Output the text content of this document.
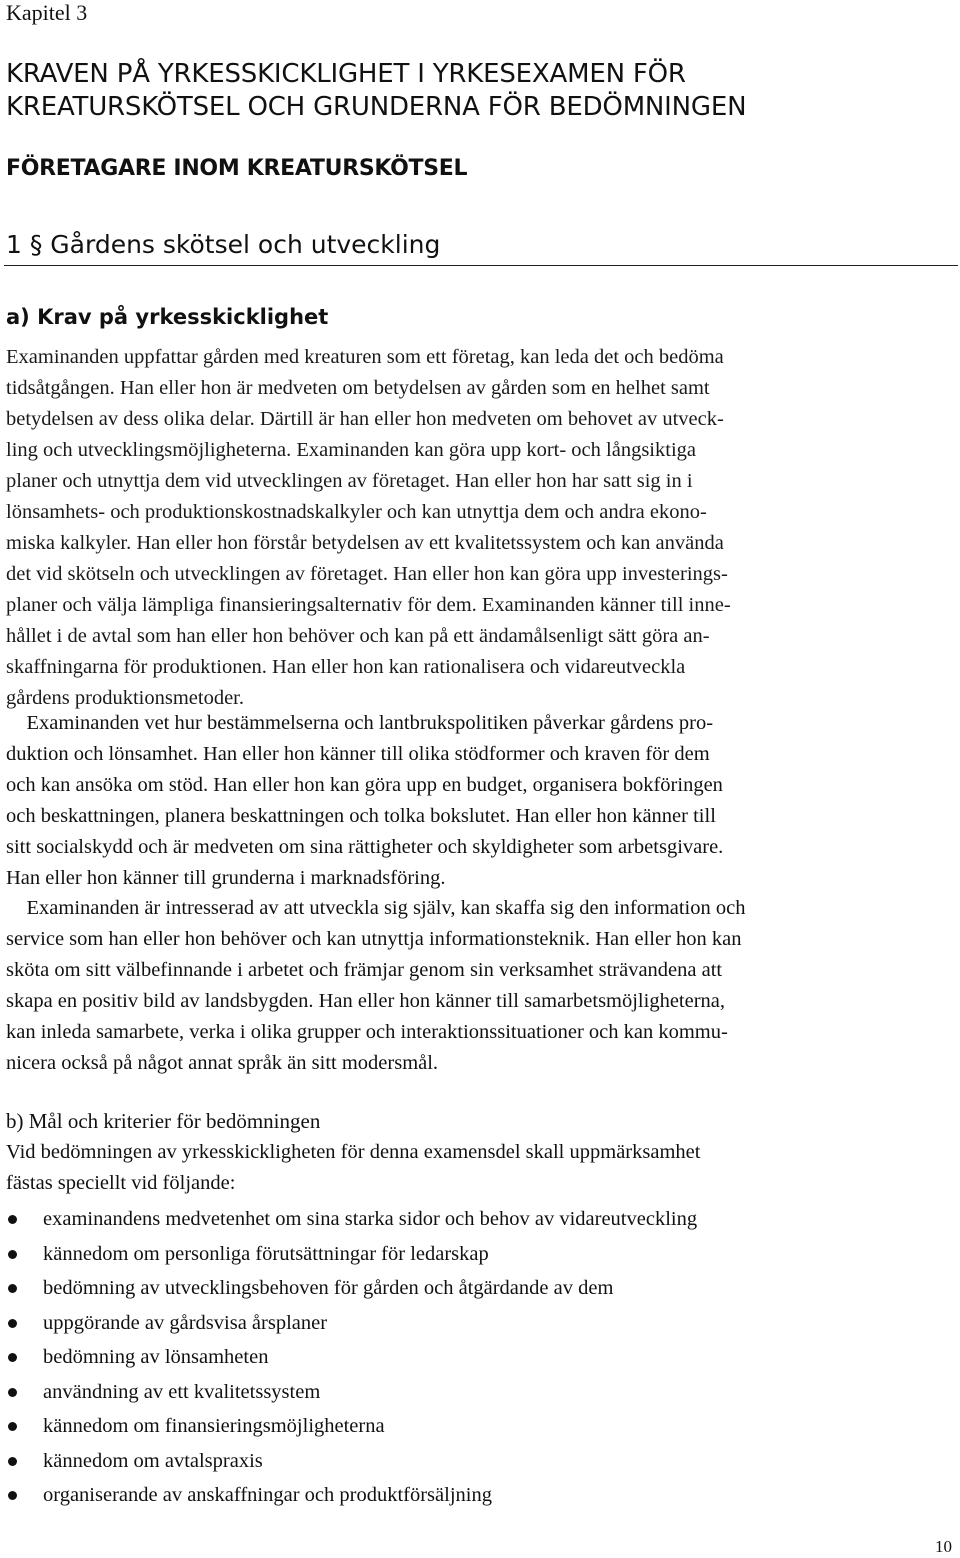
Kapitel 3

KRAVEN PÅ YRKESSKICKLIGHET I YRKESEXAMEN FÖR
KREATURSKÖTSEL OCH GRUNDERNA FÖR BEDÖMNINGEN
FÖRETAGARE INOM KREATURSKÖTSEL
1 § Gårdens skötsel och utveckling
a) Krav på yrkesskicklighet
Examinanden uppfattar gården med kreaturen som ett företag, kan leda det och bedöma
tidsåtgången. Han eller hon är medveten om betydelsen av gården som en helhet samt
betydelsen av dess olika delar. Därtill är han eller hon medveten om behovet av utveck-
ling och utvecklingsmöjligheterna. Examinanden kan göra upp kort- och långsiktiga
planer och utnyttja dem vid utvecklingen av företaget. Han eller hon har satt sig in i
lönsamhets- och produktionskostnadskalkyler och kan utnyttja dem och andra ekono-
miska kalkyler. Han eller hon förstår betydelsen av ett kvalitetssystem och kan använda
det vid skötseln och utvecklingen av företaget. Han eller hon kan göra upp investerings-
planer och välja lämpliga finansieringsalternativ för dem. Examinanden känner till inne-
hållet i de avtal som han eller hon behöver och kan på ett ändamålsenligt sätt göra an-
skaffningarna för produktionen. Han eller hon kan rationalisera och vidareutveckla
gårdens produktionsmetoder.
Examinanden vet hur bestämmelserna och lantbrukspolitiken påverkar gårdens pro-
duktion och lönsamhet. Han eller hon känner till olika stödformer och kraven för dem
och kan ansöka om stöd. Han eller hon kan göra upp en budget, organisera bokföringen
och beskattningen, planera beskattningen och tolka bokslutet. Han eller hon känner till
sitt socialskydd och är medveten om sina rättigheter och skyldigheter som arbetsgivare.
Han eller hon känner till grunderna i marknadsföring.
Examinanden är intresserad av att utveckla sig själv, kan skaffa sig den information och
service som han eller hon behöver och kan utnyttja informationsteknik. Han eller hon kan
sköta om sitt välbefinnande i arbetet och främjar genom sin verksamhet strävandena att
skapa en positiv bild av landsbygden. Han eller hon känner till samarbetsmöjligheterna,
kan inleda samarbete, verka i olika grupper och interaktionssituationer och kan kommu-
nicera också på något annat språk än sitt modersmål.
b) Mål och kriterier för bedömningen
Vid bedömningen av yrkesskickligheten för denna examensdel skall uppmärksamhet
fästas speciellt vid följande:
examinandens medvetenhet om sina starka sidor och behov av vidareutveckling
kännedom om personliga förutsättningar för ledarskap
bedömning av utvecklingsbehoven för gården och åtgärdande av dem
uppgörande av gårdsvisa årsplaner
bedömning av lönsamheten
användning av ett kvalitetssystem
kännedom om finansieringsmöjligheterna
kännedom om avtalspraxis
organiserande av anskaffningar och produktförsäljning
10
